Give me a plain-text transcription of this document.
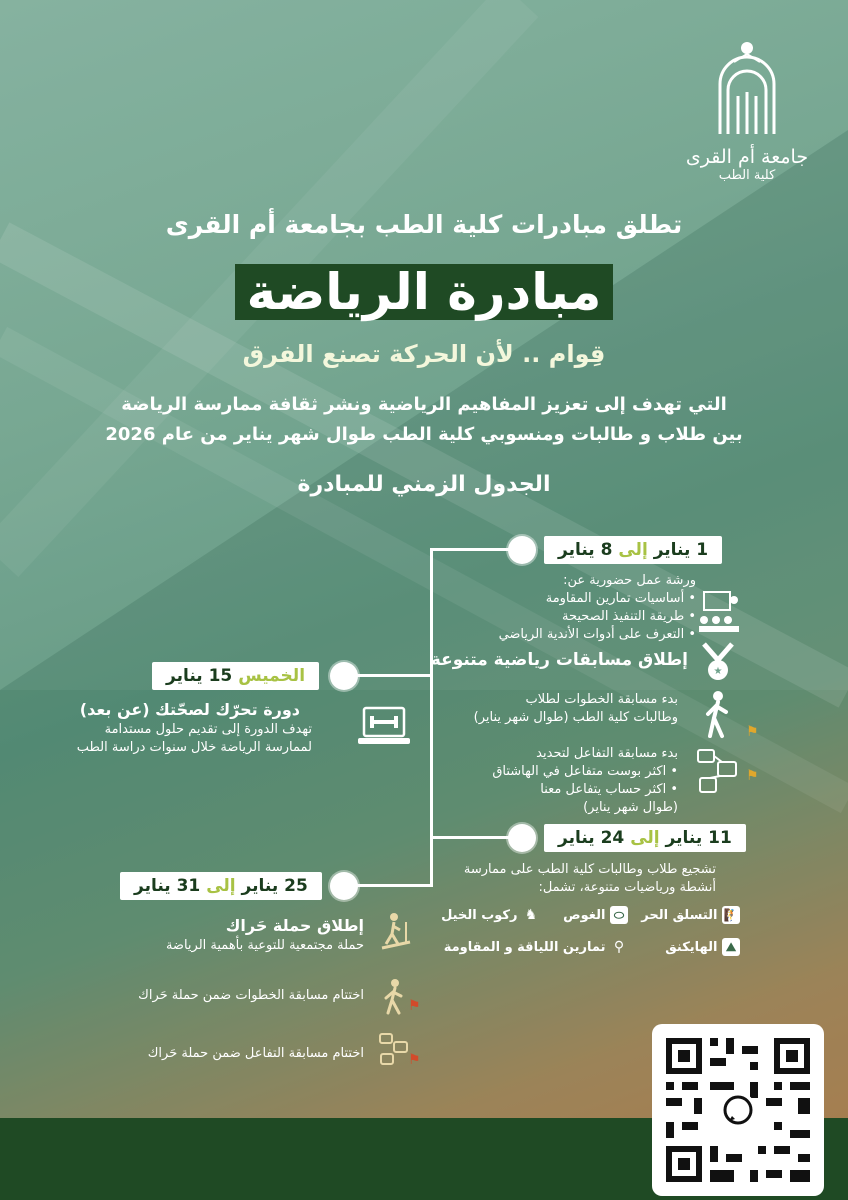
جامعة أم القرى
كلية الطب
تطلق مبادرات كلية الطب بجامعة أم القرى
مبادرة الرياضة
قِوام .. لأن الحركة تصنع الفرق
التي تهدف إلى تعزيز المفاهيم الرياضية ونشر ثقافة ممارسة الرياضة
بين طلاب و طالبات ومنسوبي كلية الطب طوال شهر يناير من عام 2026
الجدول الزمني للمبادرة
1 يناير إلى 8 يناير
ورشة عمل حضورية عن:
• أساسيات تمارين المقاومة
• طريقة التنفيذ الصحيحة
• التعرف على أدوات الأندية الرياضي
إطلاق مسابقات رياضية متنوعة
★
بدء مسابقة الخطوات لطلاب
وطالبات كلية الطب (طوال شهر يناير)
⚑
بدء مسابقة التفاعل لتحديد
• اكثر بوست متفاعل في الهاشتاق
• اكثر حساب يتفاعل معنا
(طوال شهر يناير)
⚑
الخميس 15 يناير
دورة تحرّك لصحّتك (عن بعد)
تهدف الدورة إلى تقديم حلول مستدامة
لممارسة الرياضة خلال سنوات دراسة الطب
11 يناير إلى 24 يناير
تشجيع طلاب وطالبات كلية الطب على ممارسة
أنشطة ورياضيات متنوعة، تشمل:
🧗 التسلق الحر
⬭ الغوص
♞ ركوب الخيل
⛰ الهايكنق
⚲ تمارين اللياقة و المقاومة
25 يناير إلى 31 يناير
إطلاق حملة حَراك
حملة مجتمعية للتوعية بأهمية الرياضة
اختتام مسابقة الخطوات ضمن حملة حَراك
⚑
اختتام مسابقة التفاعل ضمن حملة حَراك	⚑
